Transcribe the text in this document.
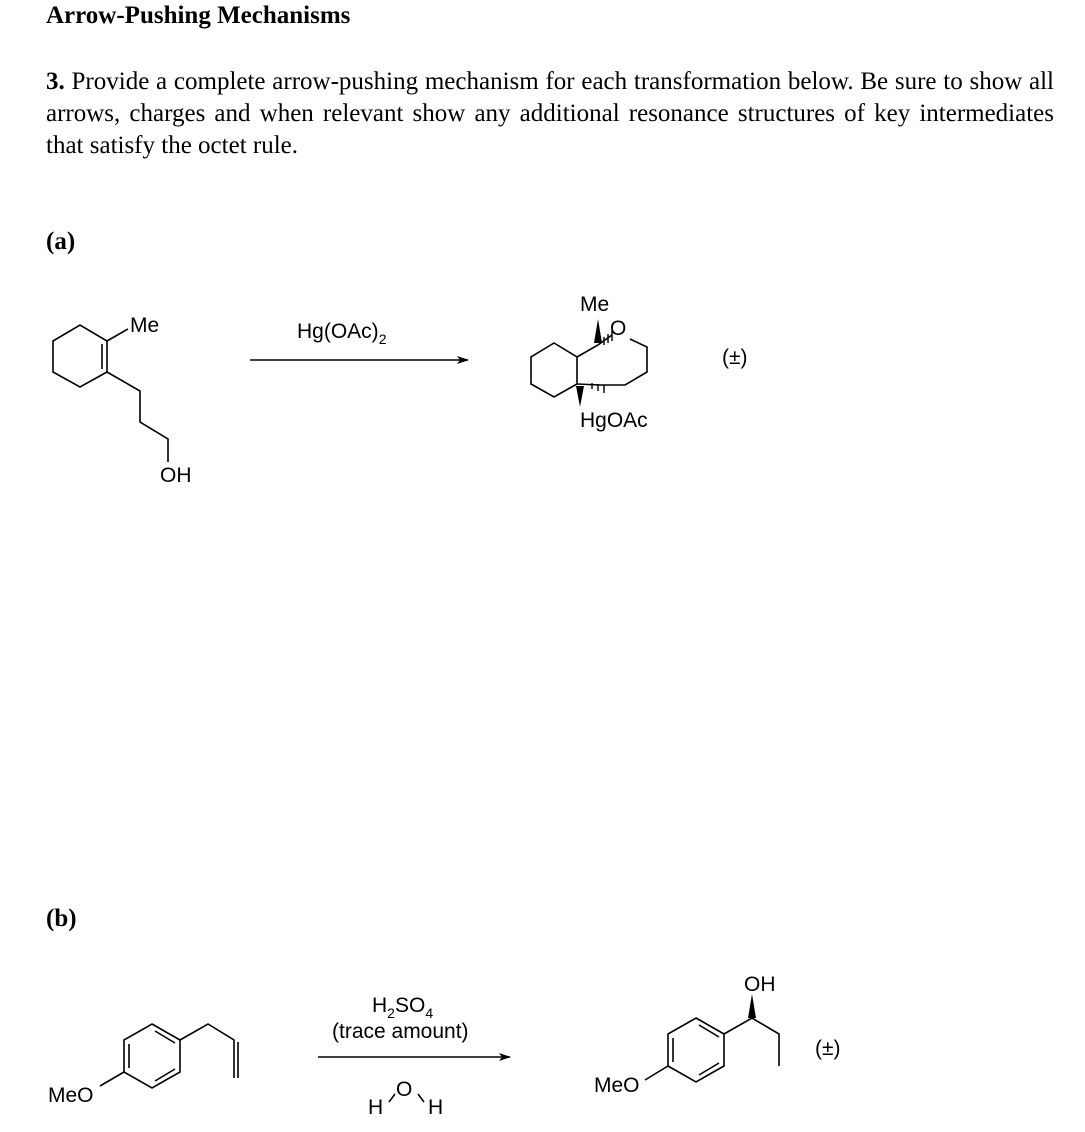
Arrow-Pushing Mechanisms

3. Provide a complete arrow-pushing mechanism for each transformation below. Be sure to show all arrows, charges and when relevant show any additional resonance structures of key intermediates that satisfy the octet rule.

(a)
(b)
Me
OH
$Hg(OAc)_2$
Me
O
HgOAc
(±)
MeO
$H_2SO_4$
(trace amount)
O
H H
MeO
OH
(±)
